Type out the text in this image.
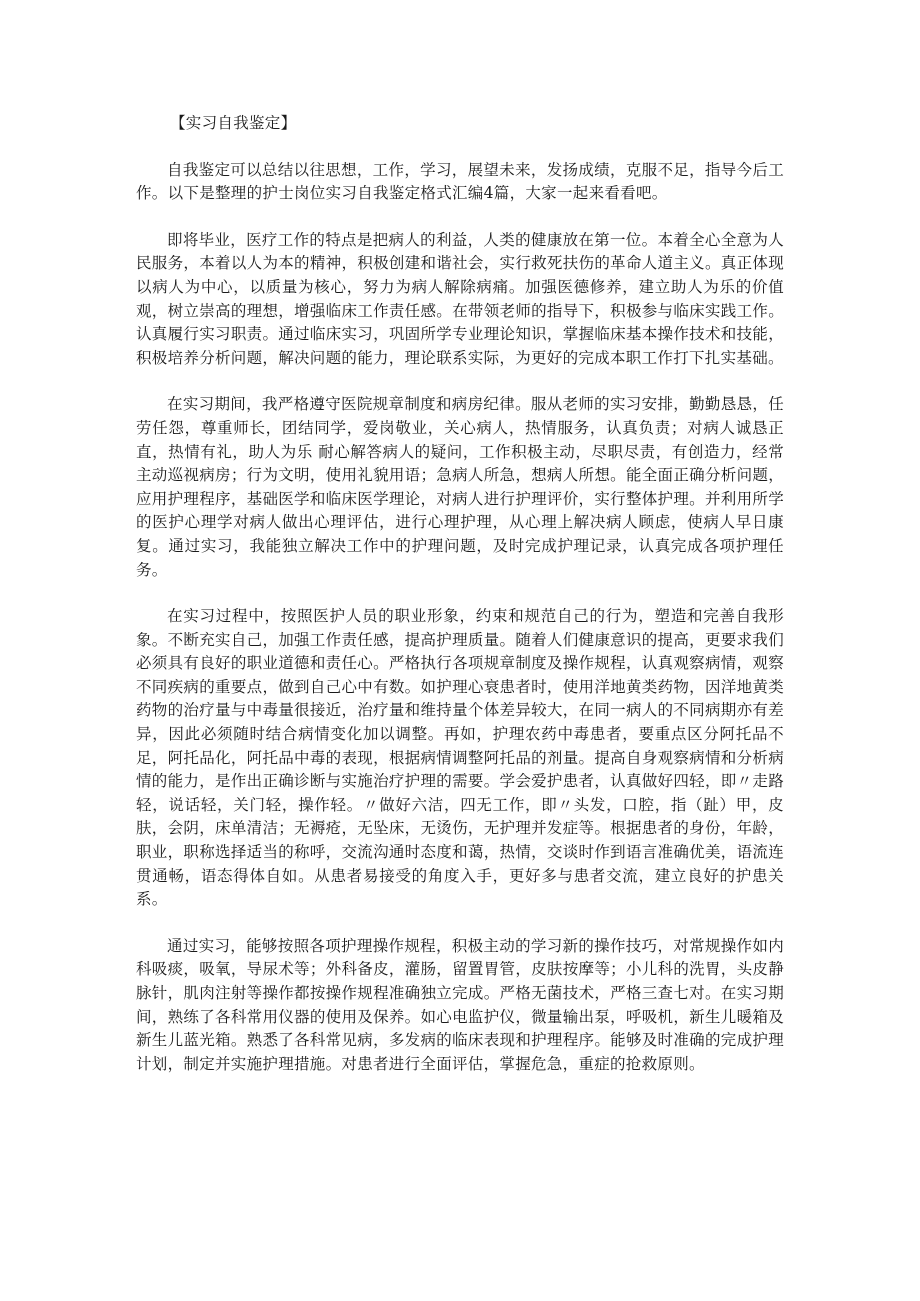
【实习自我鉴定】

自我鉴定可以总结以往思想，工作，学习，展望未来，发扬成绩，克服不足，指导今后工作。以下是整理的护士岗位实习自我鉴定格式汇编4篇，大家一起来看看吧。

即将毕业，医疗工作的特点是把病人的利益，人类的健康放在第一位。本着全心全意为人民服务，本着以人为本的精神，积极创建和谐社会，实行救死扶伤的革命人道主义。真正体现以病人为中心，以质量为核心，努力为病人解除病痛。加强医德修养，建立助人为乐的价值观，树立崇高的理想，增强临床工作责任感。在带领老师的指导下，积极参与临床实践工作。认真履行实习职责。通过临床实习，巩固所学专业理论知识，掌握临床基本操作技术和技能，积极培养分析问题，解决问题的能力，理论联系实际，为更好的完成本职工作打下扎实基础。

在实习期间，我严格遵守医院规章制度和病房纪律。服从老师的实习安排，勤勤恳恳，任劳任怨，尊重师长，团结同学，爱岗敬业，关心病人，热情服务，认真负责；对病人诚恳正直，热情有礼，助人为乐 耐心解答病人的疑问，工作积极主动，尽职尽责，有创造力，经常主动巡视病房；行为文明，使用礼貌用语；急病人所急，想病人所想。能全面正确分析问题，应用护理程序，基础医学和临床医学理论，对病人进行护理评价，实行整体护理。并利用所学的医护心理学对病人做出心理评估，进行心理护理，从心理上解决病人顾虑，使病人早日康复。通过实习，我能独立解决工作中的护理问题，及时完成护理记录，认真完成各项护理任务。

在实习过程中，按照医护人员的职业形象，约束和规范自己的行为，塑造和完善自我形象。不断充实自己，加强工作责任感，提高护理质量。随着人们健康意识的提高，更要求我们必须具有良好的职业道德和责任心。严格执行各项规章制度及操作规程，认真观察病情，观察不同疾病的重要点，做到自己心中有数。如护理心衰患者时，使用洋地黄类药物，因洋地黄类药物的治疗量与中毒量很接近，治疗量和维持量个体差异较大，在同一病人的不同病期亦有差异，因此必须随时结合病情变化加以调整。再如，护理农药中毒患者，要重点区分阿托品不足，阿托品化，阿托品中毒的表现，根据病情调整阿托品的剂量。提高自身观察病情和分析病情的能力，是作出正确诊断与实施治疗护理的需要。学会爱护患者，认真做好四轻，即〃走路轻，说话轻，关门轻，操作轻。〃做好六洁，四无工作，即〃头发，口腔，指（趾）甲，皮肤，会阴，床单清洁；无褥疮，无坠床，无烫伤，无护理并发症等。根据患者的身份，年龄，职业，职称选择适当的称呼，交流沟通时态度和蔼，热情，交谈时作到语言准确优美，语流连贯通畅，语态得体自如。从患者易接受的角度入手，更好多与患者交流，建立良好的护患关系。

通过实习，能够按照各项护理操作规程，积极主动的学习新的操作技巧，对常规操作如内科吸痰，吸氧，导尿术等；外科备皮，灌肠，留置胃管，皮肤按摩等；小儿科的洗胃，头皮静脉针，肌肉注射等操作都按操作规程准确独立完成。严格无菌技术，严格三查七对。在实习期间，熟练了各科常用仪器的使用及保养。如心电监护仪，微量输出泵，呼吸机，新生儿暖箱及新生儿蓝光箱。熟悉了各科常见病，多发病的临床表现和护理程序。能够及时准确的完成护理计划，制定并实施护理措施。对患者进行全面评估，掌握危急，重症的抢救原则。
